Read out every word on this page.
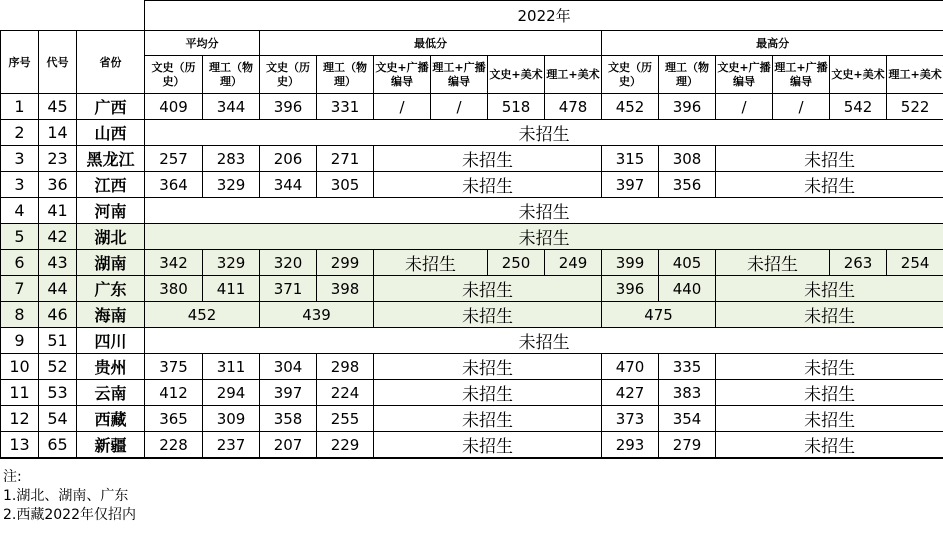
			2022年													
序号	代号	省份	平均分		最低分						最高分					
			文史（历史）	理工（物理）	文史（历史）	理工（物理）	文史+广播编导	理工+广播编导	文史+美术	理工+美术	文史（历史）	理工（物理）	文史+广播编导	理工+广播编导	文史+美术	理工+美术
1	45	广西	409	344	396	331	/	/	518	478	452	396	/	/	542	522
2	14	山西	未招生													
3	23	黑龙江	257	283	206	271	未招生				315	308	未招生			
3	36	江西	364	329	344	305	未招生				397	356	未招生			
4	41	河南	未招生													
5	42	湖北	未招生													
6	43	湖南	342	329	320	299	未招生		250	249	399	405	未招生		263	254
7	44	广东	380	411	371	398	未招生				396	440	未招生			
8	46	海南	452		439		未招生				475		未招生			
9	51	四川	未招生													
10	52	贵州	375	311	304	298	未招生				470	335	未招生			
11	53	云南	412	294	397	224	未招生				427	383	未招生			
12	54	西藏	365	309	358	255	未招生				373	354	未招生			
13	65	新疆	228	237	207	229	未招生				293	279	未招生			
注:
1.湖北、湖南、广东
2.西藏2022年仅招内
